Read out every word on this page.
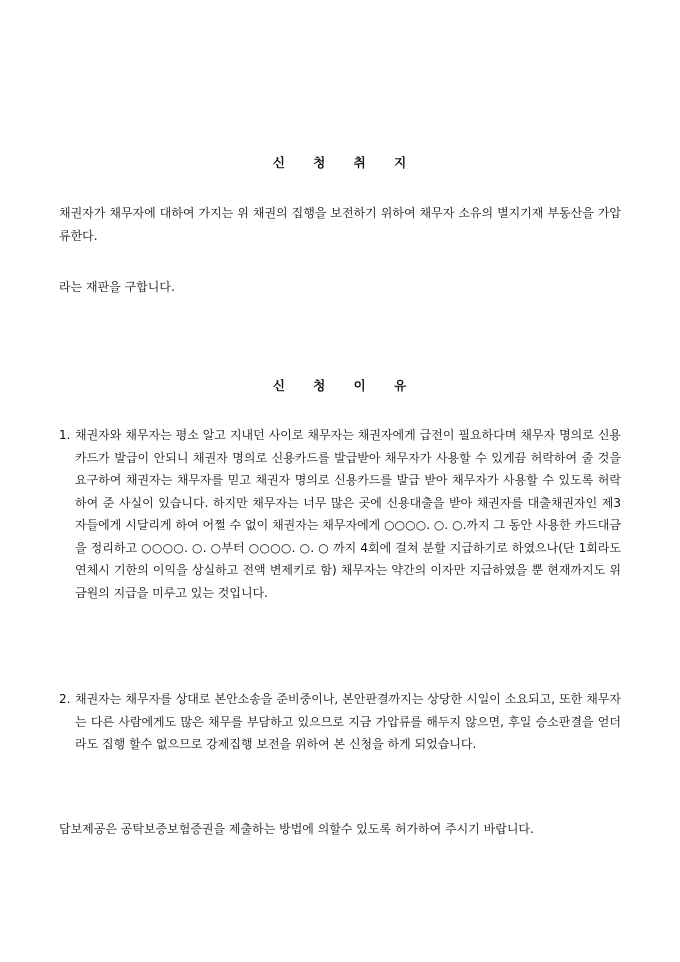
신 청 취 지

채권자가 채무자에 대하여 가지는 위 채권의 집행을 보전하기 위하여 채무자 소유의 별지기재 부동산을 가압류한다.

라는 재판을 구합니다.

신 청 이 유

1. 채권자와 채무자는 평소 알고 지내던 사이로 채무자는 채권자에게 급전이 필요하다며 채무자 명의로 신용카드가 발급이 안되니 채권자 명의로 신용카드를 발급받아 채무자가 사용할 수 있게끔 허락하여 줄 것을 요구하여 채권자는 채무자를 믿고 채권자 명의로 신용카드를 발급 받아 채무자가 사용할 수 있도록 허락하여 준 사실이 있습니다. 하지만 채무자는 너무 많은 곳에 신용대출을 받아 채권자를 대출채권자인 제3자들에게 시달리게 하여 어쩔 수 없이 채권자는 채무자에게 ○○○○. ○. ○.까지 그 동안 사용한 카드대금을 정리하고 ○○○○. ○. ○부터 ○○○○. ○. ○ 까지 4회에 걸쳐 분할 지급하기로 하였으나(단 1회라도 연체시 기한의 이익을 상실하고 전액 변제키로 함) 채무자는 약간의 이자만 지급하였을 뿐 현재까지도 위 금원의 지급을 미루고 있는 것입니다.

2. 채권자는 채무자를 상대로 본안소송을 준비중이나, 본안판결까지는 상당한 시일이 소요되고, 또한 채무자는 다른 사람에게도 많은 채무를 부담하고 있으므로 지금 가압류를 해두지 않으면, 후일 승소판결을 얻더라도 집행 할수 없으므로 강제집행 보전을 위하여 본 신청을 하게 되었습니다.

담보제공은 공탁보증보험증권을 제출하는 방법에 의할수 있도록 허가하여 주시기 바랍니다.
